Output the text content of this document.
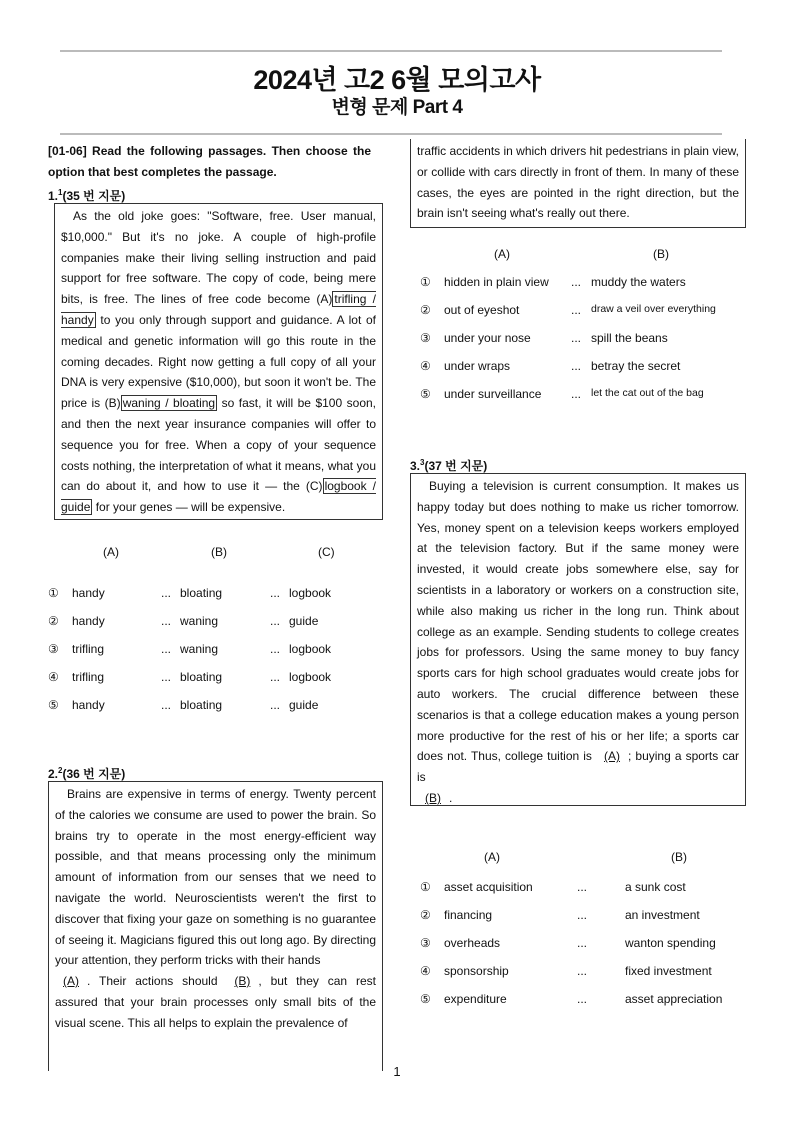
2024년 고2 6월 모의고사
변형 문제 Part 4
[01-06] Read the following passages. Then choose the option that best completes the passage.
1.$^1$(35 번 지문)

As the old joke goes: "Software, free. User manual, $10,000." But it's no joke. A couple of high-profile companies make their living selling instruction and paid support for free software. The copy of code, being mere bits, is free. The lines of free code become (A) trifling / handy to you only through support and guidance. A lot of medical and genetic information will go this route in the coming decades. Right now getting a full copy of all your DNA is very expensive ($10,000), but soon it won't be. The price is (B) waning / bloating so fast, it will be $100 soon, and then the next year insurance companies will offer to sequence you for free. When a copy of your sequence costs nothing, the interpretation of what it means, what you can do about it, and how to use it — the (C) logbook / guide for your genes — will be expensive.

(A)	(B)	(C)
① handy	... bloating	... logbook
② handy	... waning	... guide
③ trifling	... waning	... logbook
④ trifling	... bloating	... logbook
⑤ handy	... bloating	... guide
2.$^2$(36 번 지문)

Brains are expensive in terms of energy. Twenty percent of the calories we consume are used to power the brain. So brains try to operate in the most energy-efficient way possible, and that means processing only the minimum amount of information from our senses that we need to navigate the world. Neuroscientists weren't the first to discover that fixing your gaze on something is no guarantee of seeing it. Magicians figured this out long ago. By directing your attention, they perform tricks with their hands
(A) . Their actions should (B) , but they can rest assured that your brain processes only small bits of the visual scene. This all helps to explain the prevalence of

traffic accidents in which drivers hit pedestrians in plain view, or collide with cars directly in front of them. In many of these cases, the eyes are pointed in the right direction, but the brain isn't seeing what's really out there.
(A)	(B)
① hidden in plain view ... muddy the waters
② out of eyeshot	... draw a veil over everything
③ under your nose	... spill the beans
④ under wraps	... betray the secret
⑤ under surveillance ... let the cat out of the bag
3.$^3$(37 번 지문)

Buying a television is current consumption. It makes us happy today but does nothing to make us richer tomorrow. Yes, money spent on a television keeps workers employed at the television factory. But if the same money were invested, it would create jobs somewhere else, say for scientists in a laboratory or workers on a construction site, while also making us richer in the long run. Think about college as an example. Sending students to college creates jobs for professors. Using the same money to buy fancy sports cars for high school graduates would create jobs for auto workers. The crucial difference between these scenarios is that a college education makes a young person more productive for the rest of his or her life; a sports car does not. Thus, college tuition is (A) ; buying a sports car is
(B) .

(A)	(B)
① asset acquisition	...	a sunk cost
② financing	...	an investment
③ overheads	...	wanton spending
④ sponsorship	...	fixed investment
⑤ expenditure	...	asset appreciation
1
